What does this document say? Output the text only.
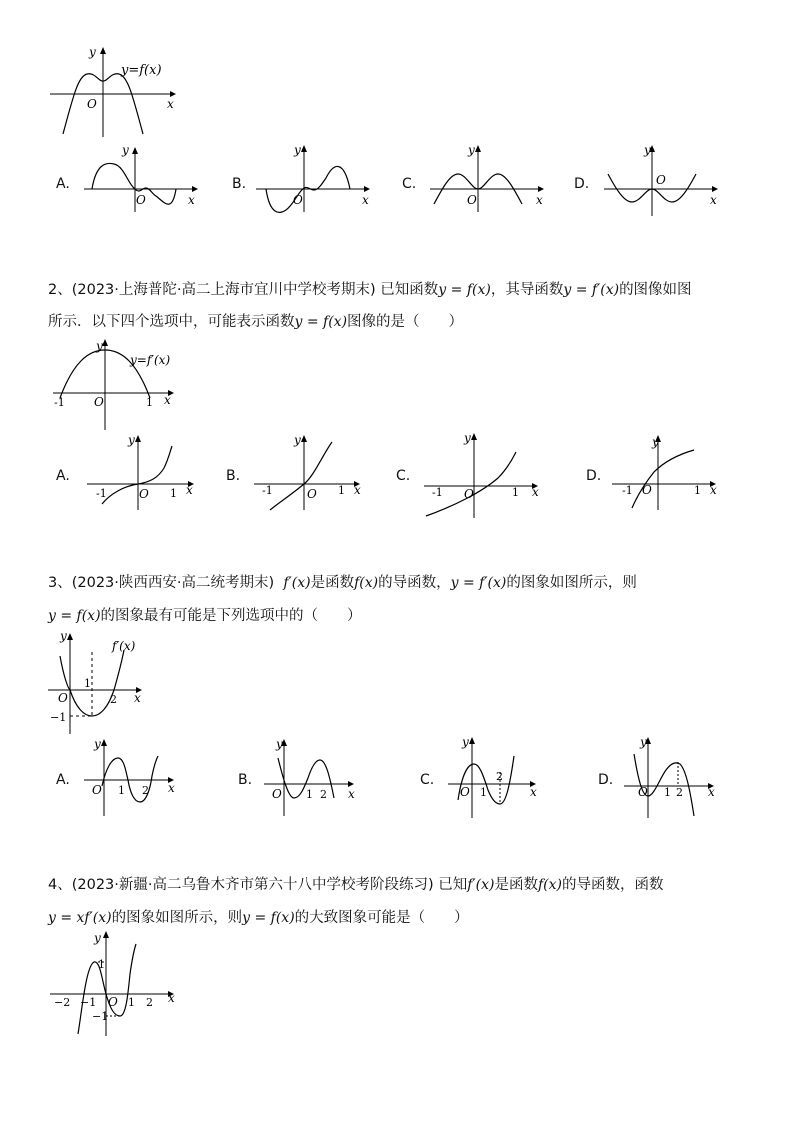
y
x
O
y=f(x)
A.
y
x
O
B.
y
x
O
C.
y
x
O
D.
y
x
O
2、(2023·上海普陀·高二上海市宜川中学校考期末) 已知函数y = f(x)，其导函数y = f′(x)的图像如图
所示．以下四个选项中，可能表示函数y = f(x)图像的是（　　）
y
x
O
-1	1
y=f′(x)
A.
y
x
O
-1	1
B.
y
x
O
-1	1
C.
y
x
O
-1	1
D.
y
x
O
-1	1
3、(2023·陕西西安·高二统考期末) f′(x)是函数f(x)的导函数，y = f′(x)的图象如图所示，则
y = f(x)的图象最有可能是下列选项中的（　　）
y
x
O
1
2
−1
f′(x)
A.
y
x
O 1 2
B.
y
x
O 1 2
C.
y
x
O 1
2	D.
y
x
O 1 2
4、(2023·新疆·高二乌鲁木齐市第六十八中学校考阶段练习) 已知f′(x)是函数f(x)的导函数，函数
y = xf′(x)的图象如图所示，则y = f(x)的大致图象可能是（　　）
y
x
O
−2 −1	1 2
1
−1
